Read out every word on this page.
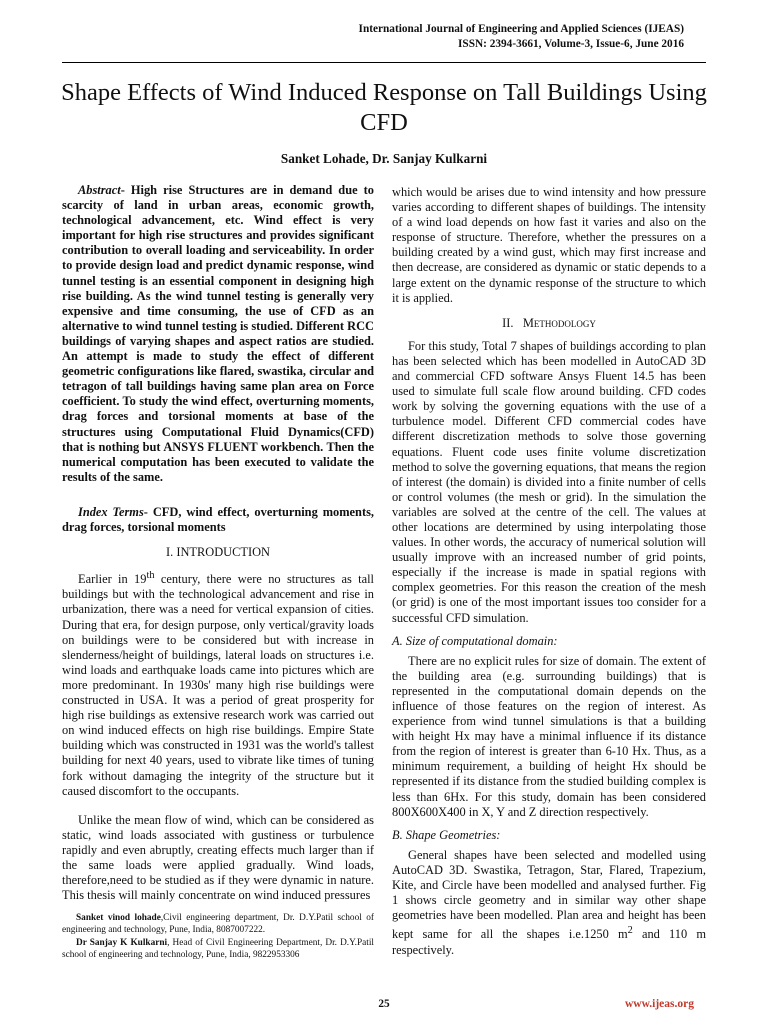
International Journal of Engineering and Applied Sciences (IJEAS)
ISSN: 2394-3661, Volume-3, Issue-6, June 2016
Shape Effects of Wind Induced Response on Tall Buildings Using CFD
Sanket Lohade, Dr. Sanjay Kulkarni

Abstract- High rise Structures are in demand due to scarcity of land in urban areas, economic growth, technological advancement, etc. Wind effect is very important for high rise structures and provides significant contribution to overall loading and serviceability. In order to provide design load and predict dynamic response, wind tunnel testing is an essential component in designing high rise building. As the wind tunnel testing is generally very expensive and time consuming, the use of CFD as an alternative to wind tunnel testing is studied. Different RCC buildings of varying shapes and aspect ratios are studied. An attempt is made to study the effect of different geometric configurations like flared, swastika, circular and tetragon of tall buildings having same plan area on Force coefficient. To study the wind effect, overturning moments, drag forces and torsional moments at base of the structures using Computational Fluid Dynamics(CFD) that is nothing but ANSYS FLUENT workbench. Then the numerical computation has been executed to validate the results of the same.

Index Terms- CFD, wind effect, overturning moments, drag forces, torsional moments

I. INTRODUCTION

Earlier in 19th century, there were no structures as tall buildings but with the technological advancement and rise in urbanization, there was a need for vertical expansion of cities. During that era, for design purpose, only vertical/gravity loads on buildings were to be considered but with increase in slenderness/height of buildings, lateral loads on structures i.e. wind loads and earthquake loads came into pictures which are more predominant. In 1930s' many high rise buildings were constructed in USA. It was a period of great prosperity for high rise buildings as extensive research work was carried out on wind induced effects on high rise buildings. Empire State building which was constructed in 1931 was the world's tallest building for next 40 years, used to vibrate like times of tuning fork without damaging the integrity of the structure but it caused discomfort to the occupants.

Unlike the mean flow of wind, which can be considered as static, wind loads associated with gustiness or turbulence rapidly and even abruptly, creating effects much larger than if the same loads were applied gradually. Wind loads, therefore,need to be studied as if they were dynamic in nature. This thesis will mainly concentrate on wind induced pressures

which would be arises due to wind intensity and how pressure varies according to different shapes of buildings. The intensity of a wind load depends on how fast it varies and also on the response of structure. Therefore, whether the pressures on a building created by a wind gust, which may first increase and then decrease, are considered as dynamic or static depends to a large extent on the dynamic response of the structure to which it is applied.

II. Methodology

For this study, Total 7 shapes of buildings according to plan has been selected which has been modelled in AutoCAD 3D and commercial CFD software Ansys Fluent 14.5 has been used to simulate full scale flow around building. CFD codes work by solving the governing equations with the use of a turbulence model. Different CFD commercial codes have different discretization methods to solve those governing equations. Fluent code uses finite volume discretization method to solve the governing equations, that means the region of interest (the domain) is divided into a finite number of cells or control volumes (the mesh or grid). In the simulation the variables are solved at the centre of the cell. The values at other locations are determined by using interpolating those values. In other words, the accuracy of numerical solution will usually improve with an increased number of grid points, especially if the increase is made in spatial regions with complex geometries. For this reason the creation of the mesh (or grid) is one of the most important issues too consider for a successful CFD simulation.

A. Size of computational domain:

There are no explicit rules for size of domain. The extent of the building area (e.g. surrounding buildings) that is represented in the computational domain depends on the influence of those features on the region of interest. As experience from wind tunnel simulations is that a building with height Hx may have a minimal influence if its distance from the region of interest is greater than 6-10 Hx. Thus, as a minimum requirement, a building of height Hx should be represented if its distance from the studied building complex is less than 6Hx. For this study, domain has been considered 800X600X400 in X, Y and Z direction respectively.

B. Shape Geometries:

General shapes have been selected and modelled using AutoCAD 3D. Swastika, Tetragon, Star, Flared, Trapezium, Kite, and Circle have been modelled and analysed further. Fig 1 shows circle geometry and in similar way other shape geometries have been modelled. Plan area and height has been kept same for all the shapes i.e.1250 $m^2$ and 110 m respectively.

Sanket vinod lohade,Civil engineering department, Dr. D.Y.Patil school of engineering and technology, Pune, India, 8087007222.

Dr Sanjay K Kulkarni, Head of Civil Engineering Department, Dr. D.Y.Patil school of engineering and technology, Pune, India, 9822953306

25	www.ijeas.org
